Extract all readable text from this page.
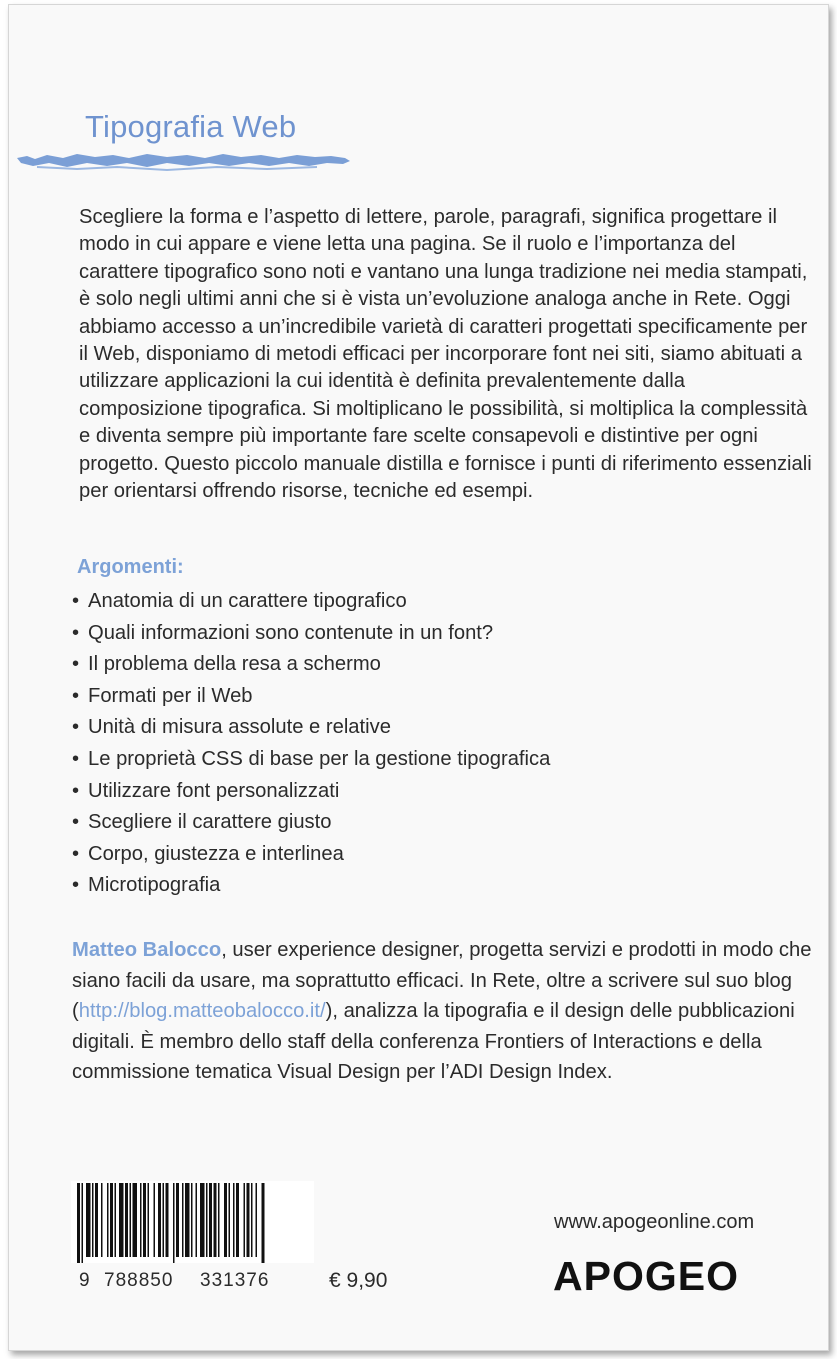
Tipografia Web

Scegliere la forma e l’aspetto di lettere, parole, paragrafi, significa progettare il modo in cui appare e viene letta una pagina. Se il ruolo e l’importanza del carattere tipografico sono noti e vantano una lunga tradizione nei media stampati, è solo negli ultimi anni che si è vista un’evoluzione analoga anche in Rete. Oggi abbiamo accesso a un’incredibile varietà di caratteri progettati specificamente per il Web, disponiamo di metodi efficaci per incorporare font nei siti, siamo abituati a utilizzare applicazioni la cui identità è definita prevalentemente dalla composizione tipografica. Si moltiplicano le possibilità, si moltiplica la complessità e diventa sempre più importante fare scelte consapevoli e distintive per ogni progetto. Questo piccolo manuale distilla e fornisce i punti di riferimento essenziali per orientarsi offrendo risorse, tecniche ed esempi.

Argomenti:
• Anatomia di un carattere tipografico
• Quali informazioni sono contenute in un font?
• Il problema della resa a schermo
• Formati per il Web
• Unità di misura assolute e relative
• Le proprietà CSS di base per la gestione tipografica
• Utilizzare font personalizzati
• Scegliere il carattere giusto
• Corpo, giustezza e interlinea
• Microtipografia

Matteo Balocco, user experience designer, progetta servizi e prodotti in modo che siano facili da usare, ma soprattutto efficaci. In Rete, oltre a scrivere sul suo blog (http://blog.matteobalocco.it/), analizza la tipografia e il design delle pubblicazioni digitali. È membro dello staff della conferenza Frontiers of Interactions e della commissione tematica Visual Design per l’ADI Design Index.

9 788850 331376	€ 9,90
www.apogeonline.com
APOGEO
